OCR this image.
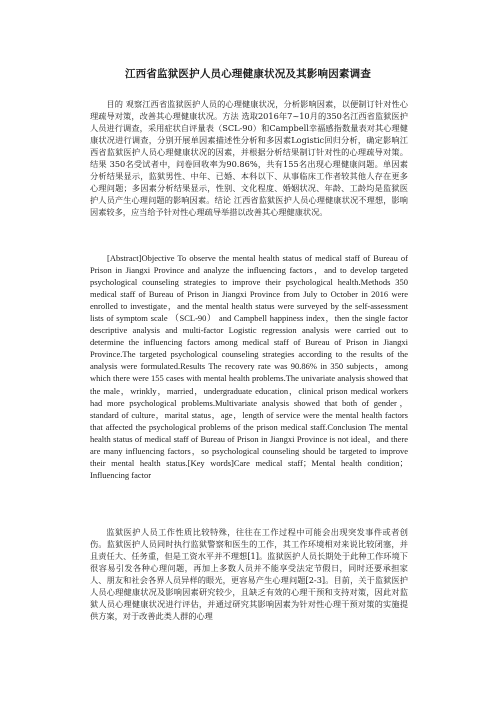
江西省监狱医护人员心理健康状况及其影响因素调查
目的 观察江西省监狱医护人员的心理健康状况，分析影响因素，以便制订针对性心理疏导对策，改善其心理健康状况。方法 选取2016年7~10月的350名江西省监狱医护人员进行调查，采用症状自评量表（SCL-90）和Campbell幸福感指数量表对其心理健康状况进行调查，分别开展单因素描述性分析和多因素Logistic回归分析，确定影响江西省监狱医护人员心理健康状况的因素，并根据分析结果制订针对性的心理疏导对策。结果 350名受试者中，问卷回收率为90.86%，共有155名出现心理健康问题。单因素分析结果显示，监狱男性、中年、已婚、本科以下、从事临床工作者较其他人存在更多心理问题；多因素分析结果显示，性别、文化程度、婚姻状况、年龄、工龄均是监狱医护人员产生心理问题的影响因素。结论 江西省监狱医护人员心理健康状况不理想，影响因素较多，应当给予针对性心理疏导举措以改善其心理健康状况。
[Abstract]Objective To observe the mental health status of medical staff of Bureau of Prison in Jiangxi Province and analyze the influencing factors，and to develop targeted psychological counseling strategies to improve their psychological health.Methods 350 medical staff of Bureau of Prison in Jiangxi Province from July to October in 2016 were enrolled to investigate，and the mental health status were surveyed by the self-assessment lists of symptom scale （SCL-90） and Campbell happiness index，then the single factor descriptive analysis and multi-factor Logistic regression analysis were carried out to determine the influencing factors among medical staff of Bureau of Prison in Jiangxi Province.The targeted psychological counseling strategies according to the results of the analysis were formulated.Results The recovery rate was 90.86% in 350 subjects，among which there were 155 cases with mental health problems.The univariate analysis showed that the male，wrinkly，married，undergraduate education，clinical prison medical workers had more psychological problems.Multivariate analysis showed that both of gender，standard of culture，marital status，age，length of service were the mental health factors that affected the psychological problems of the prison medical staff.Conclusion The mental health status of medical staff of Bureau of Prison in Jiangxi Province is not ideal，and there are many influencing factors，so psychological counseling should be targeted to improve their mental health status.[Key words]Care medical staff；Mental health condition；Influencing factor
监狱医护人员工作性质比较特殊，往往在工作过程中可能会出现突发事件或者创伤。监狱医护人员同时执行监狱警察和医生的工作，其工作环境相对来说比较闭塞，并且责任大、任务重，但是工资水平并不理想[1]。监狱医护人员长期处于此种工作环境下很容易引发各种心理问题，再加上多数人员并不能享受法定节假日，同时还要承担家人、朋友和社会各界人员异样的眼光，更容易产生心理问题[2-3]。目前，关于监狱医护人员心理健康状况及影响因素研究较少，且缺乏有效的心理干预和支持对策，因此对监狱人员心理健康状况进行评估，并通过研究其影响因素为针对性心理干预对策的实施提供方案，对于改善此类人群的心理
